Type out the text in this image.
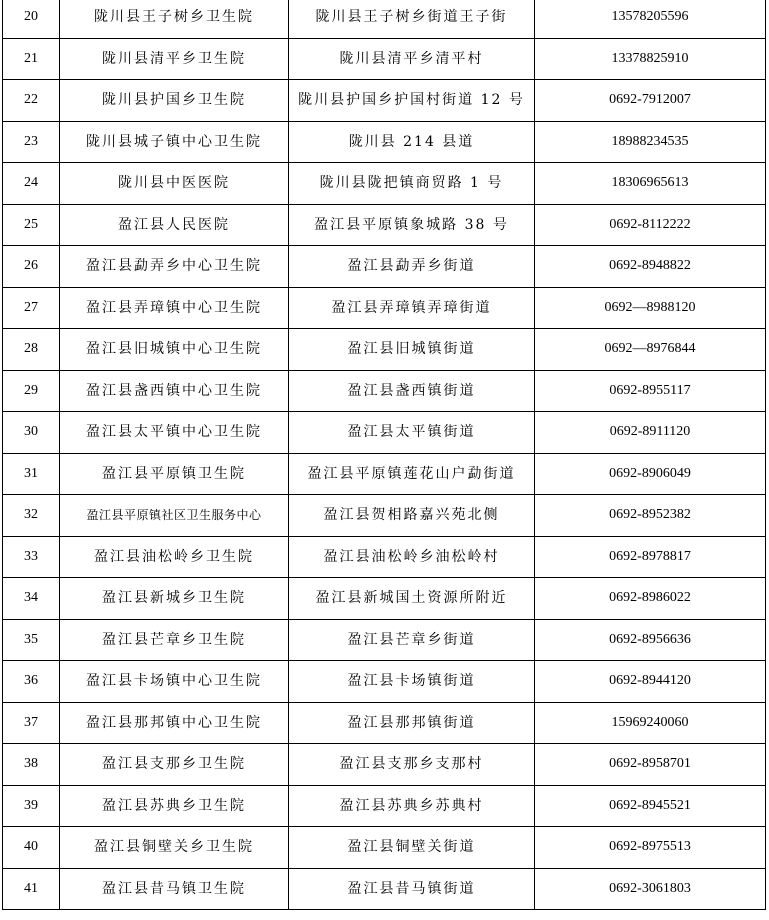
20	陇川县王子树乡卫生院	陇川县王子树乡街道王子街	13578205596
21	陇川县清平乡卫生院	陇川县清平乡清平村	13378825910
22	陇川县护国乡卫生院	陇川县护国乡护国村街道 12 号	0692-7912007
23	陇川县城子镇中心卫生院	陇川县 214 县道	18988234535
24	陇川县中医医院	陇川县陇把镇商贸路 1 号	18306965613
25	盈江县人民医院	盈江县平原镇象城路 38 号	0692-8112222
26	盈江县勐弄乡中心卫生院	盈江县勐弄乡街道	0692-8948822
27	盈江县弄璋镇中心卫生院	盈江县弄璋镇弄璋街道	0692—8988120
28	盈江县旧城镇中心卫生院	盈江县旧城镇街道	0692—8976844
29	盈江县盏西镇中心卫生院	盈江县盏西镇街道	0692-8955117
30	盈江县太平镇中心卫生院	盈江县太平镇街道	0692-8911120
31	盈江县平原镇卫生院	盈江县平原镇莲花山户勐街道	0692-8906049
32	盈江县平原镇社区卫生服务中心	盈江县贺相路嘉兴苑北侧	0692-8952382
33	盈江县油松岭乡卫生院	盈江县油松岭乡油松岭村	0692-8978817
34	盈江县新城乡卫生院	盈江县新城国土资源所附近	0692-8986022
35	盈江县芒章乡卫生院	盈江县芒章乡街道	0692-8956636
36	盈江县卡场镇中心卫生院	盈江县卡场镇街道	0692-8944120
37	盈江县那邦镇中心卫生院	盈江县那邦镇街道	15969240060
38	盈江县支那乡卫生院	盈江县支那乡支那村	0692-8958701
39	盈江县苏典乡卫生院	盈江县苏典乡苏典村	0692-8945521
40	盈江县铜壁关乡卫生院	盈江县铜壁关街道	0692-8975513
41	盈江县昔马镇卫生院	盈江县昔马镇街道	0692-3061803
